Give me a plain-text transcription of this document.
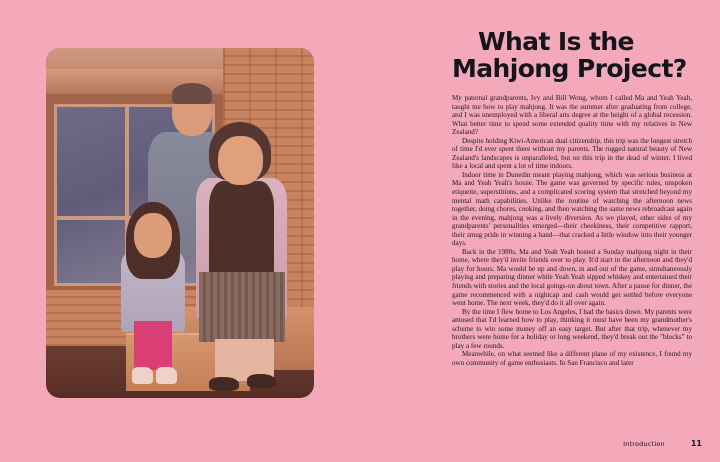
What Is the
Mahjong Project?

My paternal grandparents, Ivy and Bill Wong, whom I called Ma and Yeah Yeah, taught me how to play mahjong. It was the summer after graduating from college, and I was unemployed with a liberal arts degree at the height of a global recession. What better time to spend some extended quality time with my relatives in New Zealand?

Despite holding Kiwi-American dual citizenship, this trip was the longest stretch of time I'd ever spent there without my parents. The rugged natural beauty of New Zealand's landscapes is unparalleled, but on this trip in the dead of winter, I lived like a local and spent a lot of time indoors.

Indoor time in Dunedin meant playing mahjong, which was serious business at Ma and Yeah Yeah's house. The game was governed by specific rules, unspoken etiquette, superstitions, and a complicated scoring system that stretched beyond my mental math capabilities. Unlike the routine of watching the afternoon news together, doing chores, cooking, and then watching the same news rebroadcast again in the evening, mahjong was a lively diversion. As we played, other sides of my grandparents' personalities emerged—their cheekiness, their competitive rapport, their smug pride in winning a hand—that cracked a little window into their younger days.

Back in the 1980s, Ma and Yeah Yeah hosted a Sunday mahjong night in their home, where they'd invite friends over to play. It'd start in the afternoon and they'd play for hours. Ma would be up and down, in and out of the game, simultaneously playing and preparing dinner while Yeah Yeah sipped whiskey and entertained their friends with stories and the local goings-on about town. After a pause for dinner, the game recommenced with a nightcap and cash would get settled before everyone went home. The next week, they'd do it all over again.

By the time I flew home to Los Angeles, I had the basics down. My parents were amused that I'd learned how to play, thinking it must have been my grandmother's scheme to win some money off an easy target. But after that trip, whenever my brothers were home for a holiday or long weekend, they'd break out the "blocks" to play a few rounds.

Meanwhile, on what seemed like a different plane of my existence, I found my own community of game enthusiasts. In San Francisco and later

Introduction	11
